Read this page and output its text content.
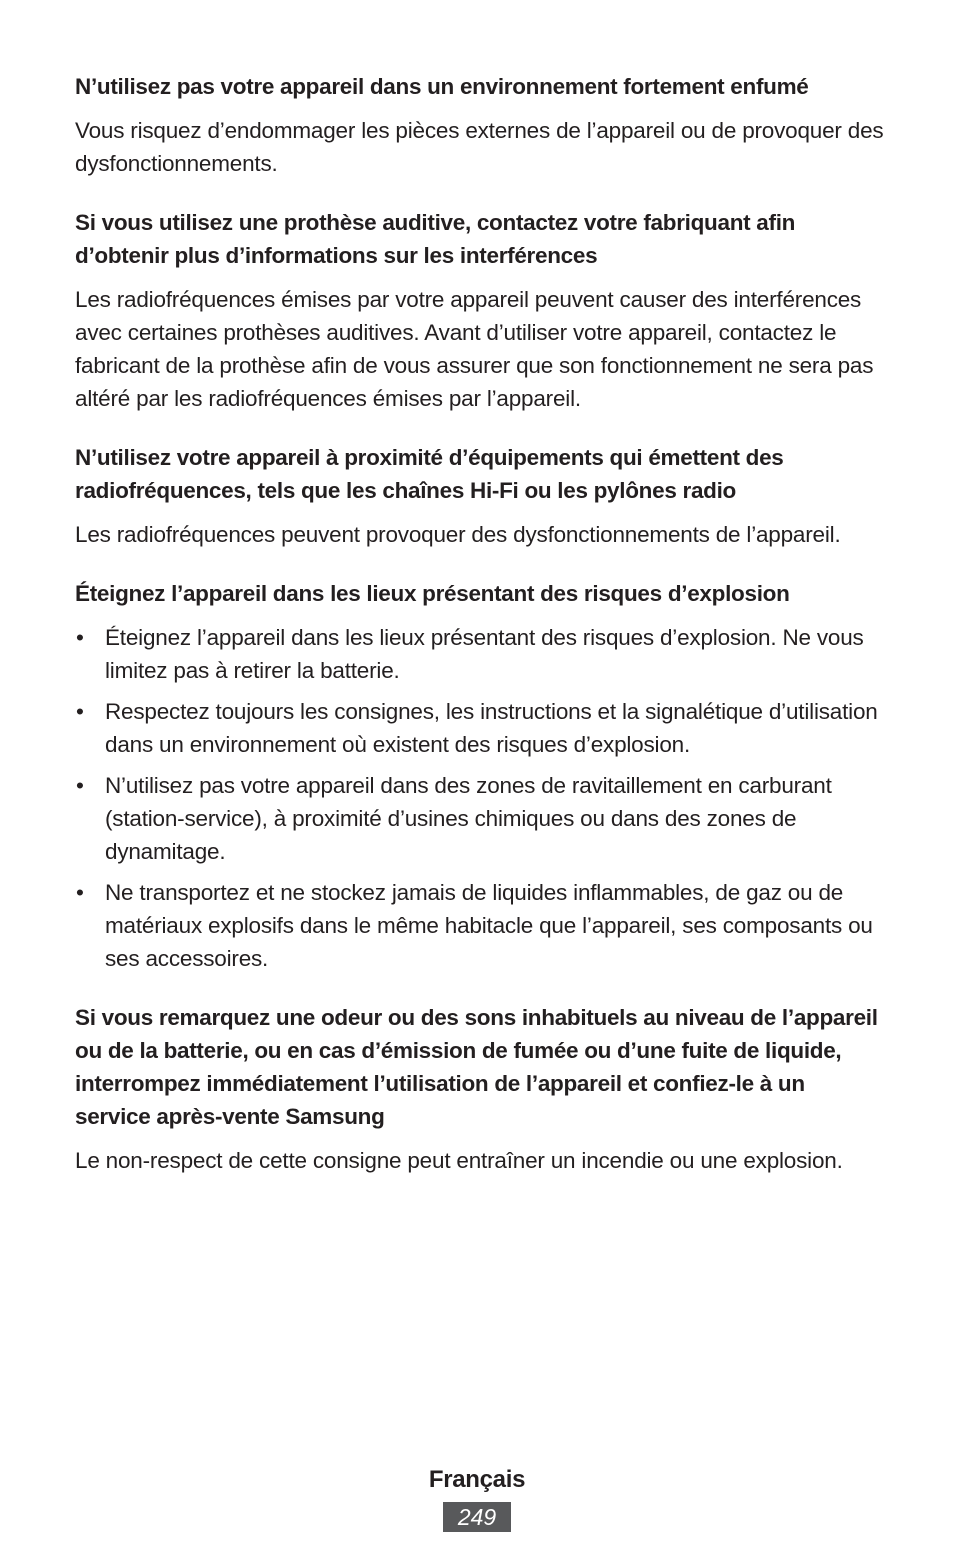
N’utilisez pas votre appareil dans un environnement fortement enfumé

Vous risquez d’endommager les pièces externes de l’appareil ou de provoquer des dysfonctionnements.

Si vous utilisez une prothèse auditive, contactez votre fabriquant afin d’obtenir plus d’informations sur les interférences

Les radiofréquences émises par votre appareil peuvent causer des interférences avec certaines prothèses auditives. Avant d’utiliser votre appareil, contactez le fabricant de la prothèse afin de vous assurer que son fonctionnement ne sera pas altéré par les radiofréquences émises par l’appareil.

N’utilisez votre appareil à proximité d’équipements qui émettent des radiofréquences, tels que les chaînes Hi-Fi ou les pylônes radio

Les radiofréquences peuvent provoquer des dysfonctionnements de l’appareil.

Éteignez l’appareil dans les lieux présentant des risques d’explosion

• Éteignez l’appareil dans les lieux présentant des risques d’explosion. Ne vous limitez pas à retirer la batterie.
• Respectez toujours les consignes, les instructions et la signalétique d’utilisation dans un environnement où existent des risques d’explosion.
• N’utilisez pas votre appareil dans des zones de ravitaillement en carburant (station-service), à proximité d’usines chimiques ou dans des zones de dynamitage.
• Ne transportez et ne stockez jamais de liquides inflammables, de gaz ou de matériaux explosifs dans le même habitacle que l’appareil, ses composants ou ses accessoires.

Si vous remarquez une odeur ou des sons inhabituels au niveau de l’appareil ou de la batterie, ou en cas d’émission de fumée ou d’une fuite de liquide, interrompez immédiatement l’utilisation de l’appareil et confiez-le à un service après-vente Samsung

Le non-respect de cette consigne peut entraîner un incendie ou une explosion.

Français
249
